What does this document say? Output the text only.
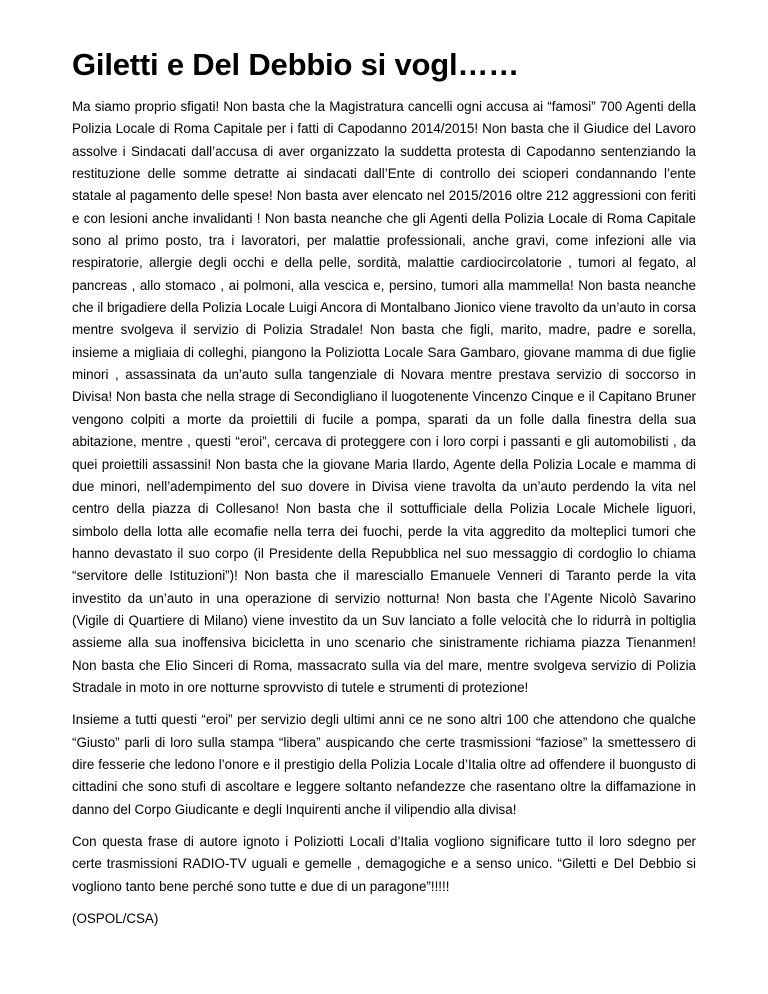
Giletti e Del Debbio si vogl……

Ma siamo proprio sfigati! Non basta che la Magistratura cancelli ogni accusa ai “famosi” 700 Agenti della Polizia Locale di Roma Capitale per i fatti di Capodanno 2014/2015! Non basta che il Giudice del Lavoro assolve i Sindacati dall’accusa di aver organizzato la suddetta protesta di Capodanno sentenziando la restituzione delle somme detratte ai sindacati dall’Ente di controllo dei scioperi condannando l’ente statale al pagamento delle spese! Non basta aver elencato nel 2015/2016 oltre 212 aggressioni con feriti e con lesioni anche invalidanti ! Non basta neanche che gli Agenti della Polizia Locale di Roma Capitale sono al primo posto, tra i lavoratori, per malattie professionali, anche gravi, come infezioni alle via respiratorie, allergie degli occhi e della pelle, sordità, malattie cardiocircolatorie , tumori al fegato, al pancreas , allo stomaco , ai polmoni, alla vescica e, persino, tumori alla mammella! Non basta neanche che il brigadiere della Polizia Locale Luigi Ancora di Montalbano Jionico viene travolto da un’auto in corsa mentre svolgeva il servizio di Polizia Stradale! Non basta che figli, marito, madre, padre e sorella, insieme a migliaia di colleghi, piangono la Poliziotta Locale Sara Gambaro, giovane mamma di due figlie minori , assassinata da un’auto sulla tangenziale di Novara mentre prestava servizio di soccorso in Divisa! Non basta che nella strage di Secondigliano il luogotenente Vincenzo Cinque e il Capitano Bruner vengono colpiti a morte da proiettili di fucile a pompa, sparati da un folle dalla finestra della sua abitazione, mentre , questi “eroi”, cercava di proteggere con i loro corpi i passanti e gli automobilisti , da quei proiettili assassini! Non basta che la giovane Maria Ilardo, Agente della Polizia Locale e mamma di due minori, nell’adempimento del suo dovere in Divisa viene travolta da un’auto perdendo la vita nel centro della piazza di Collesano! Non basta che il sottufficiale della Polizia Locale Michele liguori, simbolo della lotta alle ecomafie nella terra dei fuochi, perde la vita aggredito da molteplici tumori che hanno devastato il suo corpo (il Presidente della Repubblica nel suo messaggio di cordoglio lo chiama “servitore delle Istituzioni”)! Non basta che il maresciallo Emanuele Venneri di Taranto perde la vita investito da un’auto in una operazione di servizio notturna! Non basta che l’Agente Nicolò Savarino (Vigile di Quartiere di Milano) viene investito da un Suv lanciato a folle velocità che lo ridurrà in poltiglia assieme alla sua inoffensiva bicicletta in uno scenario che sinistramente richiama piazza Tienanmen! Non basta che Elio Sinceri di Roma, massacrato sulla via del mare, mentre svolgeva servizio di Polizia Stradale in moto in ore notturne sprovvisto di tutele e strumenti di protezione!

Insieme a tutti questi “eroi” per servizio degli ultimi anni ce ne sono altri 100 che attendono che qualche “Giusto” parli di loro sulla stampa “libera” auspicando che certe trasmissioni “faziose” la smettessero di dire fesserie che ledono l’onore e il prestigio della Polizia Locale d’Italia oltre ad offendere il buongusto di cittadini che sono stufi di ascoltare e leggere soltanto nefandezze che rasentano oltre la diffamazione in danno del Corpo Giudicante e degli Inquirenti anche il vilipendio alla divisa!

Con questa frase di autore ignoto i Poliziotti Locali d’Italia vogliono significare tutto il loro sdegno per certe trasmissioni RADIO-TV uguali e gemelle , demagogiche e a senso unico. “Giletti e Del Debbio si vogliono tanto bene perché sono tutte e due di un paragone”!!!!!

(OSPOL/CSA)
